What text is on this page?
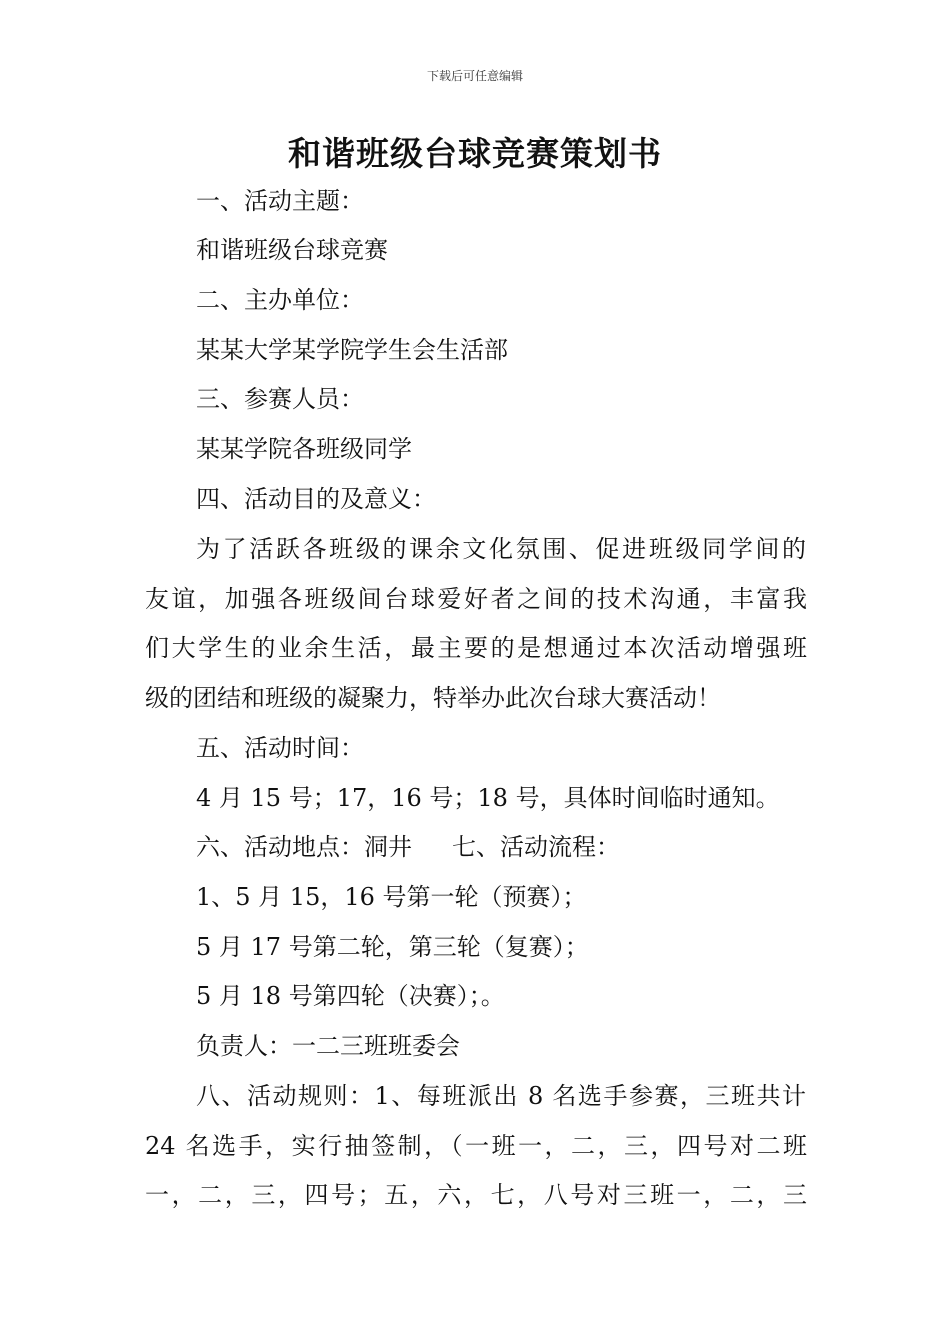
下载后可任意编辑
和谐班级台球竞赛策划书
一、活动主题：
和谐班级台球竞赛
二、主办单位：
某某大学某学院学生会生活部
三、参赛人员：
某某学院各班级同学
四、活动目的及意义：
为了活跃各班级的课余文化氛围、促进班级同学间的
友谊，加强各班级间台球爱好者之间的技术沟通，丰富我
们大学生的业余生活，最主要的是想通过本次活动增强班
级的团结和班级的凝聚力，特举办此次台球大赛活动！
五、活动时间：
4 月 15 号；17，16 号；18 号，具体时间临时通知。
六、活动地点：洞井 七、活动流程：
1、5 月 15，16 号第一轮（预赛）；
5 月 17 号第二轮，第三轮（复赛）；
5 月 18 号第四轮（决赛）；。
负责人：一二三班班委会
八、活动规则：1、每班派出 8 名选手参赛，三班共计
24 名选手，实行抽签制，（一班一，二，三，四号对二班
一，二，三，四号；五，六，七，八号对三班一，二，三
